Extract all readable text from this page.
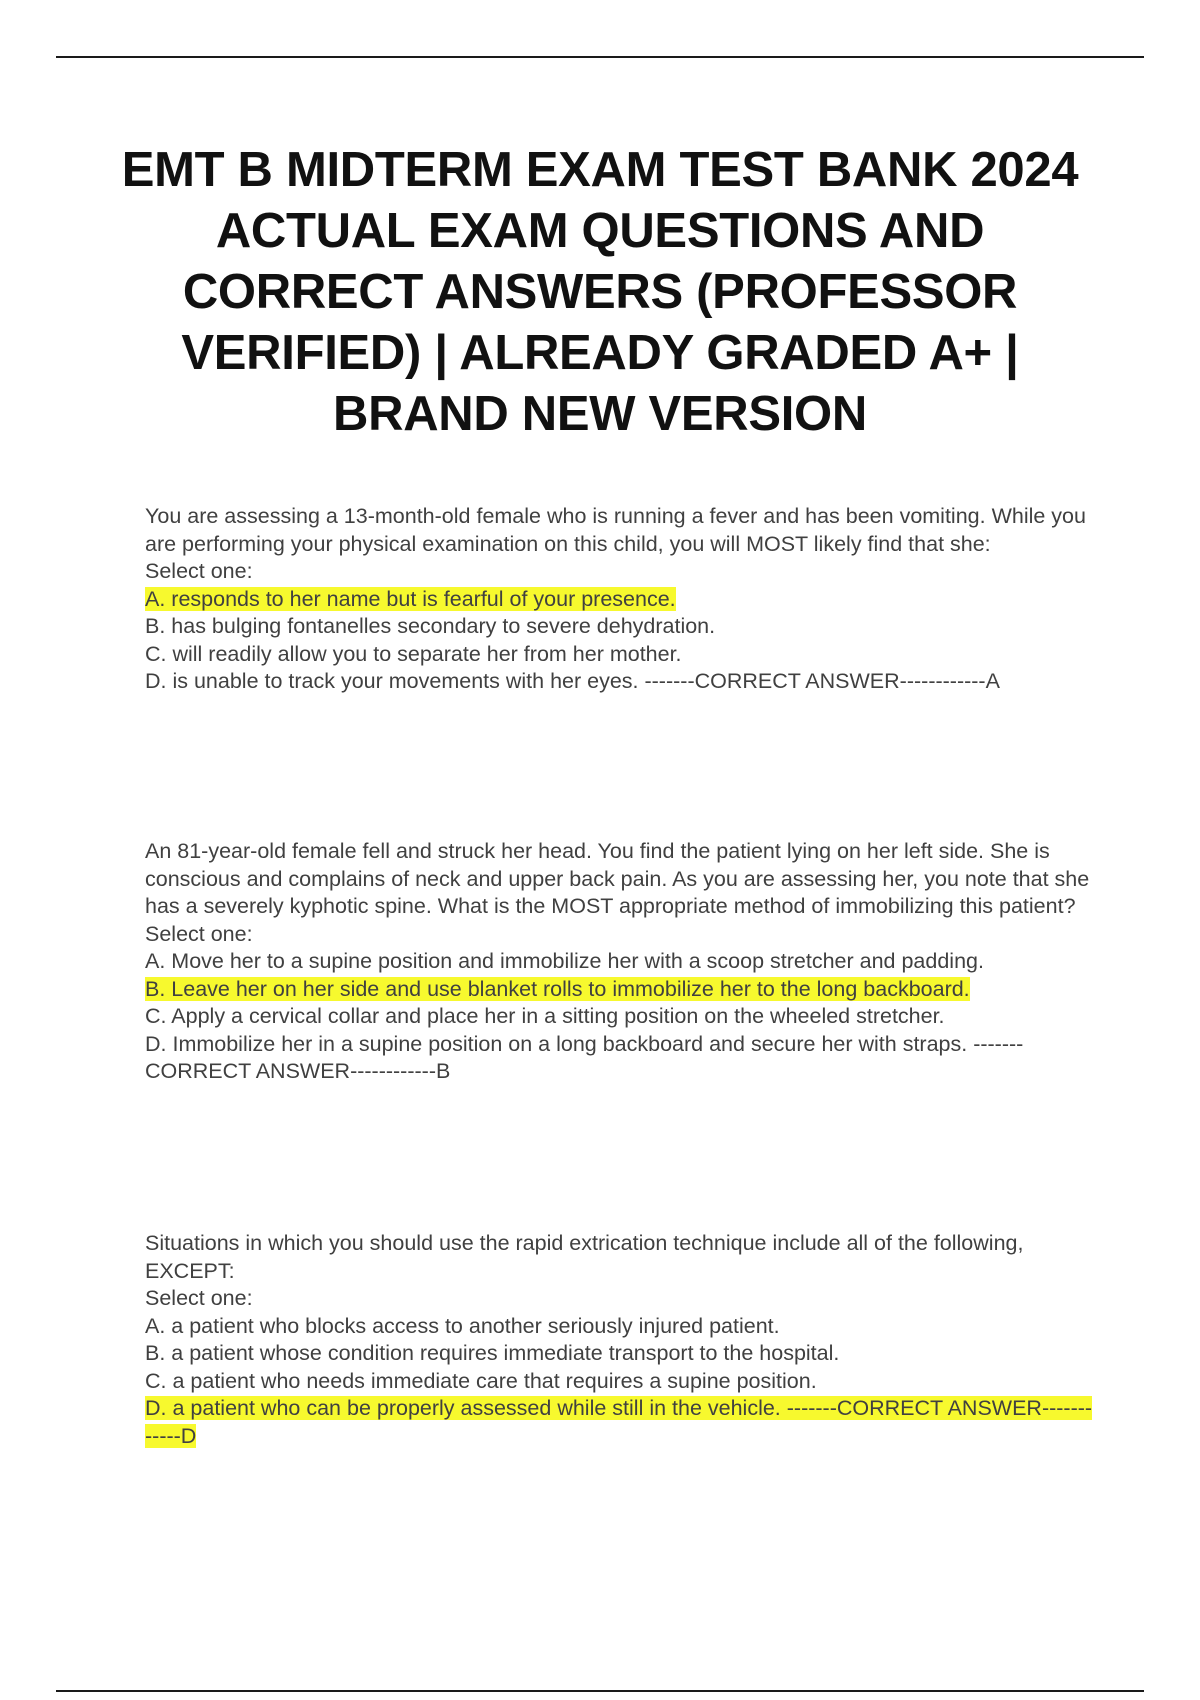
EMT B MIDTERM EXAM TEST BANK 2024 ACTUAL EXAM QUESTIONS AND CORRECT ANSWERS (PROFESSOR VERIFIED) | ALREADY GRADED A+ | BRAND NEW VERSION

You are assessing a 13-month-old female who is running a fever and has been vomiting. While you are performing your physical examination on this child, you will MOST likely find that she:

Select one:

A. responds to her name but is fearful of your presence.

B. has bulging fontanelles secondary to severe dehydration.

C. will readily allow you to separate her from her mother.

D. is unable to track your movements with her eyes. -------CORRECT ANSWER------------A

An 81-year-old female fell and struck her head. You find the patient lying on her left side. She is conscious and complains of neck and upper back pain. As you are assessing her, you note that she has a severely kyphotic spine. What is the MOST appropriate method of immobilizing this patient?

Select one:

A. Move her to a supine position and immobilize her with a scoop stretcher and padding.

B. Leave her on her side and use blanket rolls to immobilize her to the long backboard.

C. Apply a cervical collar and place her in a sitting position on the wheeled stretcher.

D. Immobilize her in a supine position on a long backboard and secure her with straps. -------CORRECT ANSWER------------B

Situations in which you should use the rapid extrication technique include all of the following, EXCEPT:

Select one:

A. a patient who blocks access to another seriously injured patient.

B. a patient whose condition requires immediate transport to the hospital.

C. a patient who needs immediate care that requires a supine position.

D. a patient who can be properly assessed while still in the vehicle. -------CORRECT ANSWER------------D
